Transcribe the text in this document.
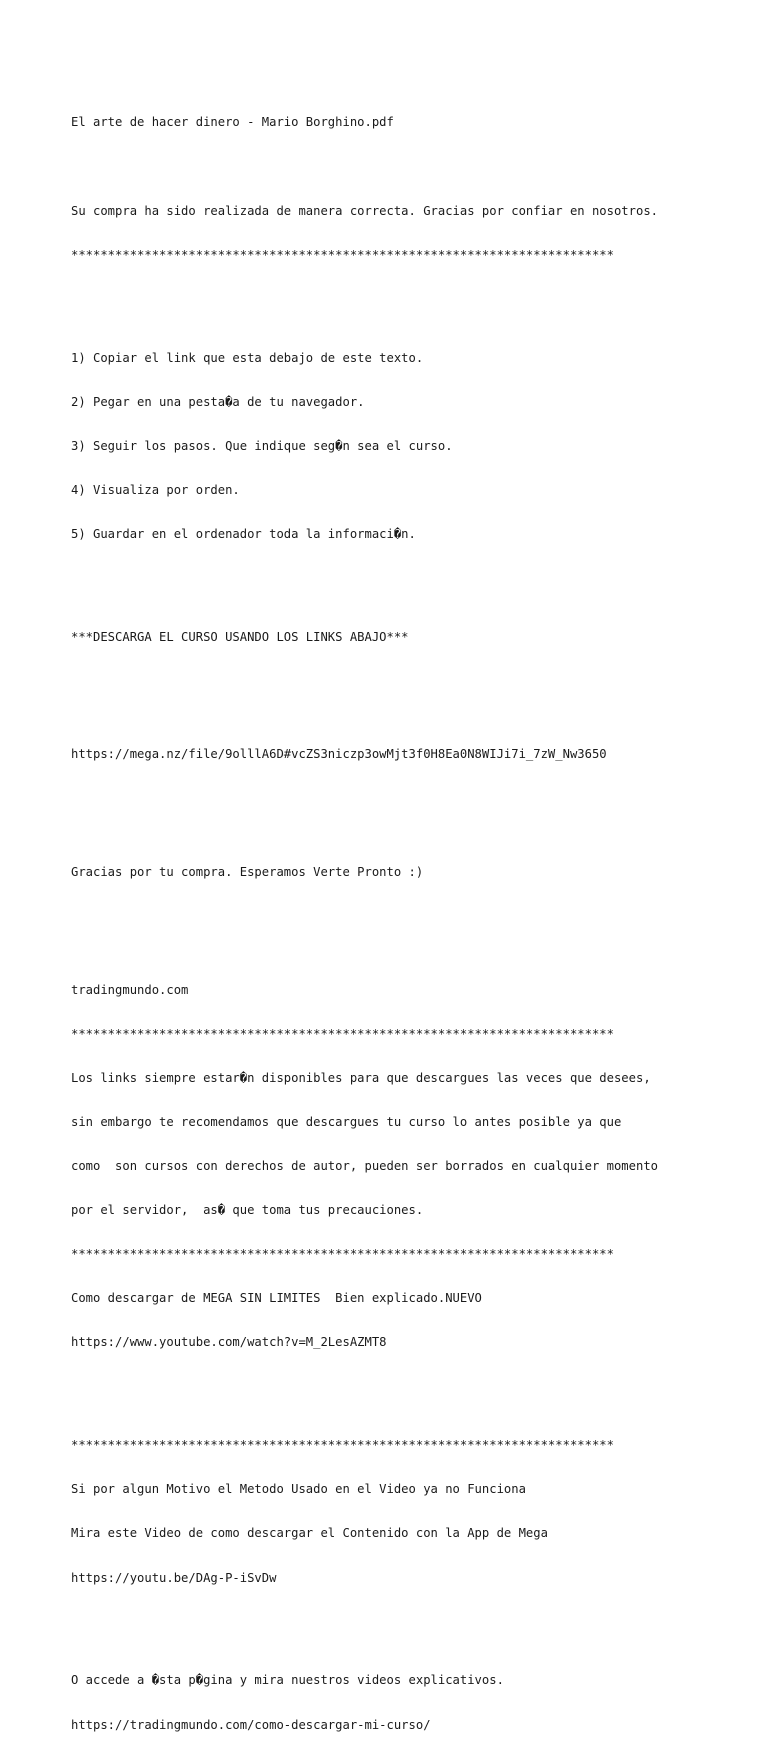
El arte de hacer dinero - Mario Borghino.pdf

Su compra ha sido realizada de manera correcta. Gracias por confiar en nosotros.

**************************************************************************

1) Copiar el link que esta debajo de este texto.

2) Pegar en una pesta�a de tu navegador.

3) Seguir los pasos. Que indique seg�n sea el curso.

4) Visualiza por orden.

5) Guardar en el ordenador toda la informaci�n.

***DESCARGA EL CURSO USANDO LOS LINKS ABAJO***

https://mega.nz/file/9olllA6D#vcZS3niczp3owMjt3f0H8Ea0N8WIJi7i_7zW_Nw3650

Gracias por tu compra. Esperamos Verte Pronto :)

tradingmundo.com

**************************************************************************

Los links siempre estar�n disponibles para que descargues las veces que desees,

sin embargo te recomendamos que descargues tu curso lo antes posible ya que

como  son cursos con derechos de autor, pueden ser borrados en cualquier momento

por el servidor,  as� que toma tus precauciones.

**************************************************************************

Como descargar de MEGA SIN LIMITES  Bien explicado.NUEVO

https://www.youtube.com/watch?v=M_2LesAZMT8

**************************************************************************

Si por algun Motivo el Metodo Usado en el Video ya no Funciona

Mira este Video de como descargar el Contenido con la App de Mega

https://youtu.be/DAg-P-iSvDw

O accede a �sta p�gina y mira nuestros videos explicativos.

https://tradingmundo.com/como-descargar-mi-curso/
